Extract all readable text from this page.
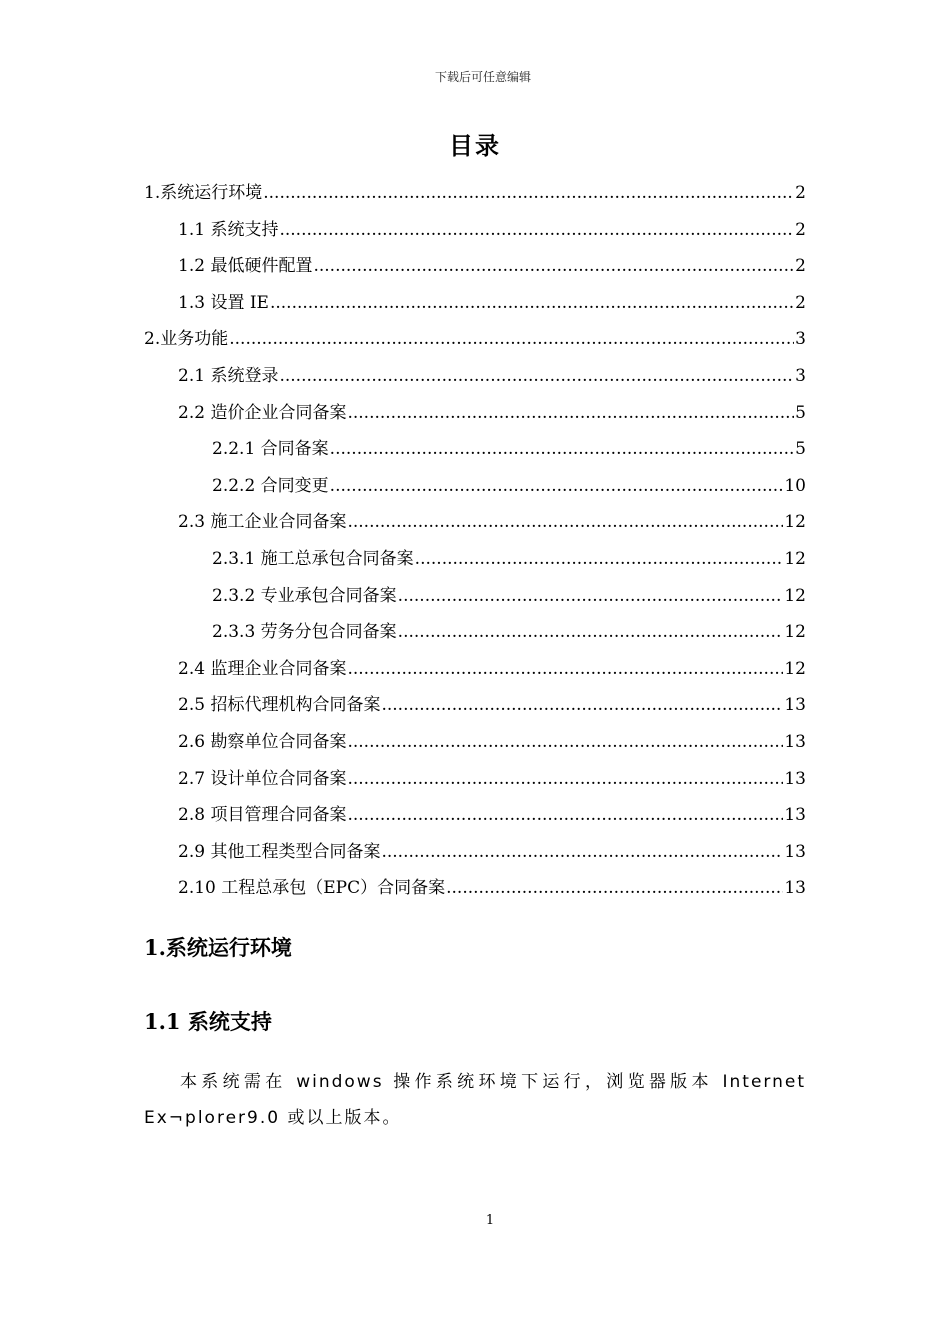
下载后可任意编辑
目录
1.系统运行环境 .....	2
1.1 系统支持 .....	2
1.2 最低硬件配置 .....	2
1.3 设置 IE .....	2
2.业务功能 .....	3
2.1 系统登录 .....	3
2.2 造价企业合同备案 .....	5
2.2.1 合同备案 .....	5
2.2.2 合同变更 .....	10
2.3 施工企业合同备案 .....	12
2.3.1 施工总承包合同备案 .....	12
2.3.2 专业承包合同备案 .....	12
2.3.3 劳务分包合同备案 .....	12
2.4 监理企业合同备案 .....	12
2.5 招标代理机构合同备案 .....	13
2.6 勘察单位合同备案 .....	13
2.7 设计单位合同备案 .....	13
2.8 项目管理合同备案 .....	13
2.9 其他工程类型合同备案 .....	13
2.10 工程总承包（EPC）合同备案 .....	13
1.系统运行环境
1.1 系统支持
本系统需在 windows 操作系统环境下运行，浏览器版本 Internet Ex¬plorer9.0 或以上版本。
1
